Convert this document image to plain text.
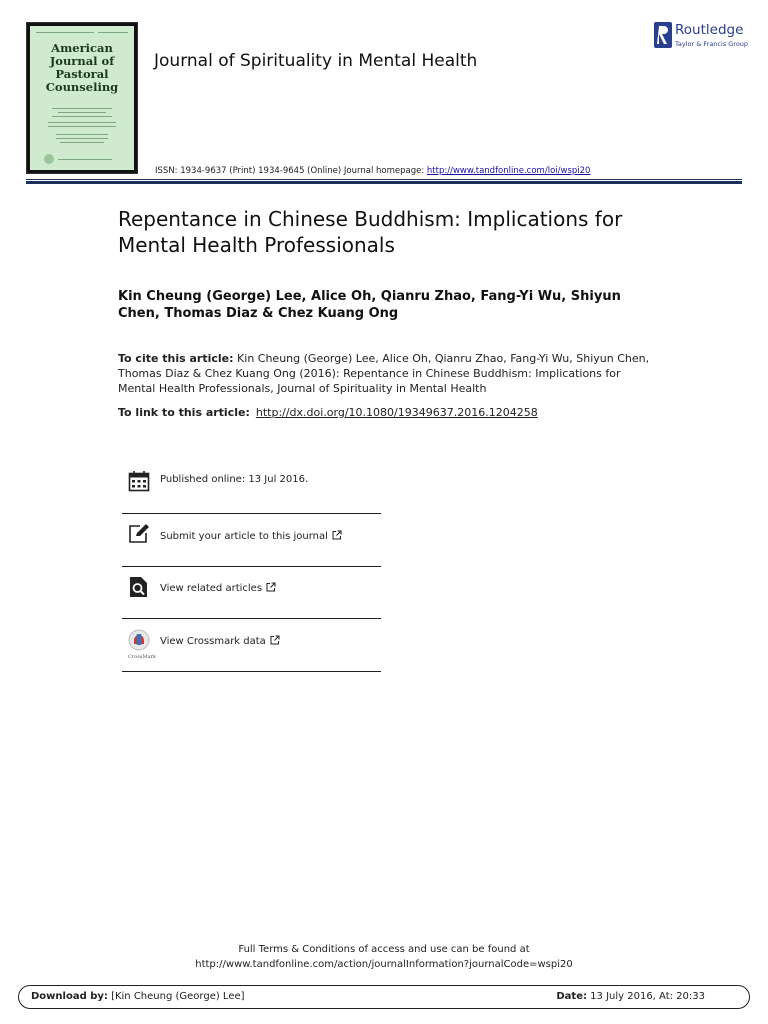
American
Journal of
Pastoral
Counseling
Journal of Spirituality in Mental Health
ISSN: 1934-9637 (Print) 1934-9645 (Online) Journal homepage: http://www.tandfonline.com/loi/wspi20
Routledge
Taylor & Francis Group
Repentance in Chinese Buddhism: Implications for Mental Health Professionals
Kin Cheung (George) Lee, Alice Oh, Qianru Zhao, Fang-Yi Wu, Shiyun Chen, Thomas Diaz & Chez Kuang Ong
To cite this article: Kin Cheung (George) Lee, Alice Oh, Qianru Zhao, Fang-Yi Wu, Shiyun Chen, Thomas Diaz & Chez Kuang Ong (2016): Repentance in Chinese Buddhism: Implications for Mental Health Professionals, Journal of Spirituality in Mental Health
To link to this article: http://dx.doi.org/10.1080/19349637.2016.1204258
Published online: 13 Jul 2016.
Submit your article to this journal
View related articles
CrossMark
View Crossmark data
Full Terms & Conditions of access and use can be found at
http://www.tandfonline.com/action/journalInformation?journalCode=wspi20
Download by: [Kin Cheung (George) Lee]	Date: 13 July 2016, At: 20:33
